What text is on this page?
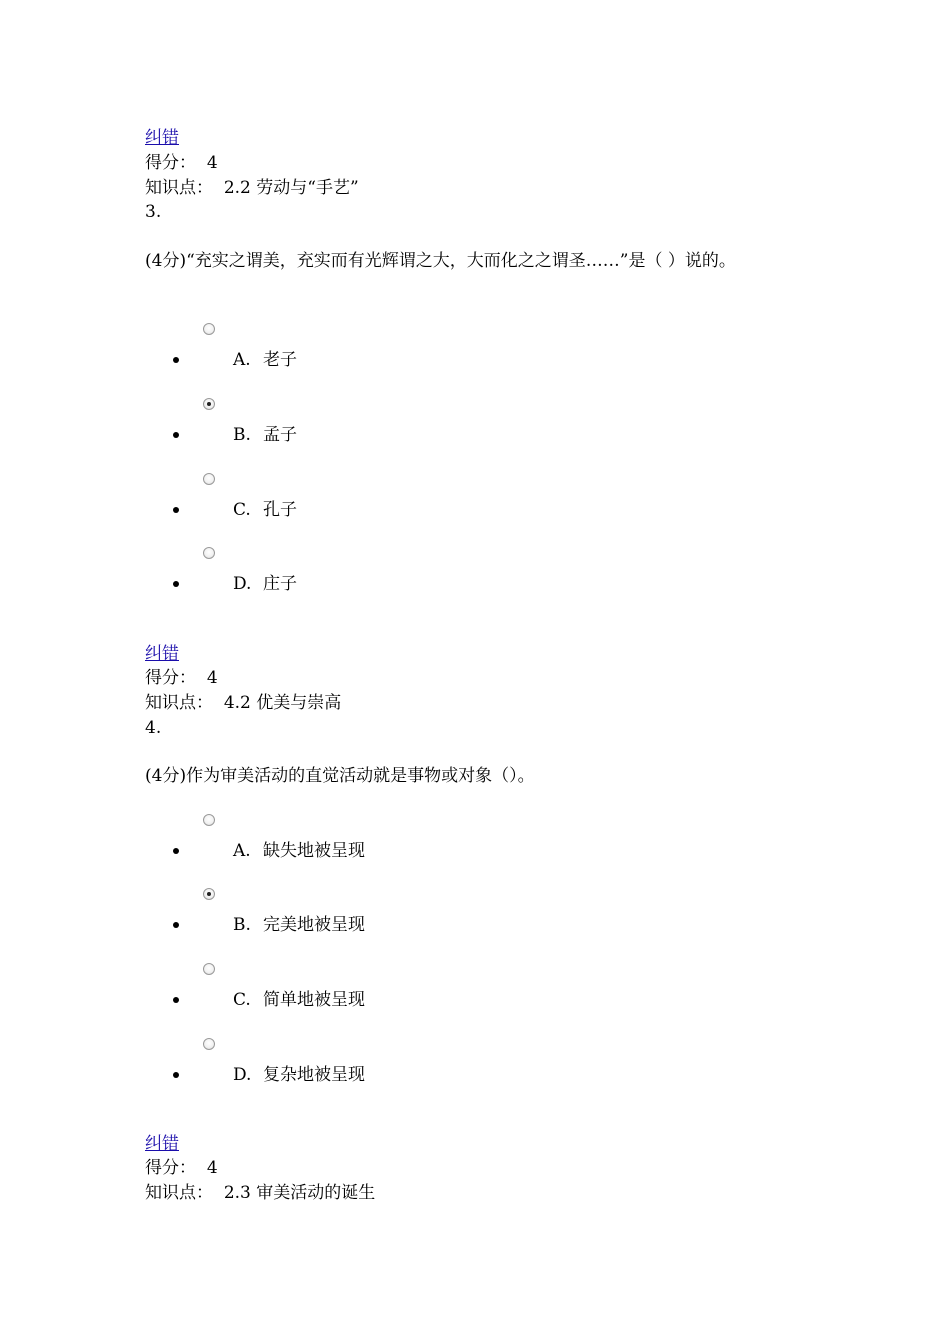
纠错
得分： 4
知识点： 2.2 劳动与“手艺”
3.
(4分)“充实之谓美，充实而有光辉谓之大，大而化之之谓圣……”是（ ）说的。
A. 老子
B. 孟子
C. 孔子
D. 庄子
纠错
得分： 4
知识点： 4.2 优美与崇高
4.
(4分)作为审美活动的直觉活动就是事物或对象（）。
A. 缺失地被呈现
B. 完美地被呈现
C. 简单地被呈现
D. 复杂地被呈现
纠错
得分： 4
知识点： 2.3 审美活动的诞生
